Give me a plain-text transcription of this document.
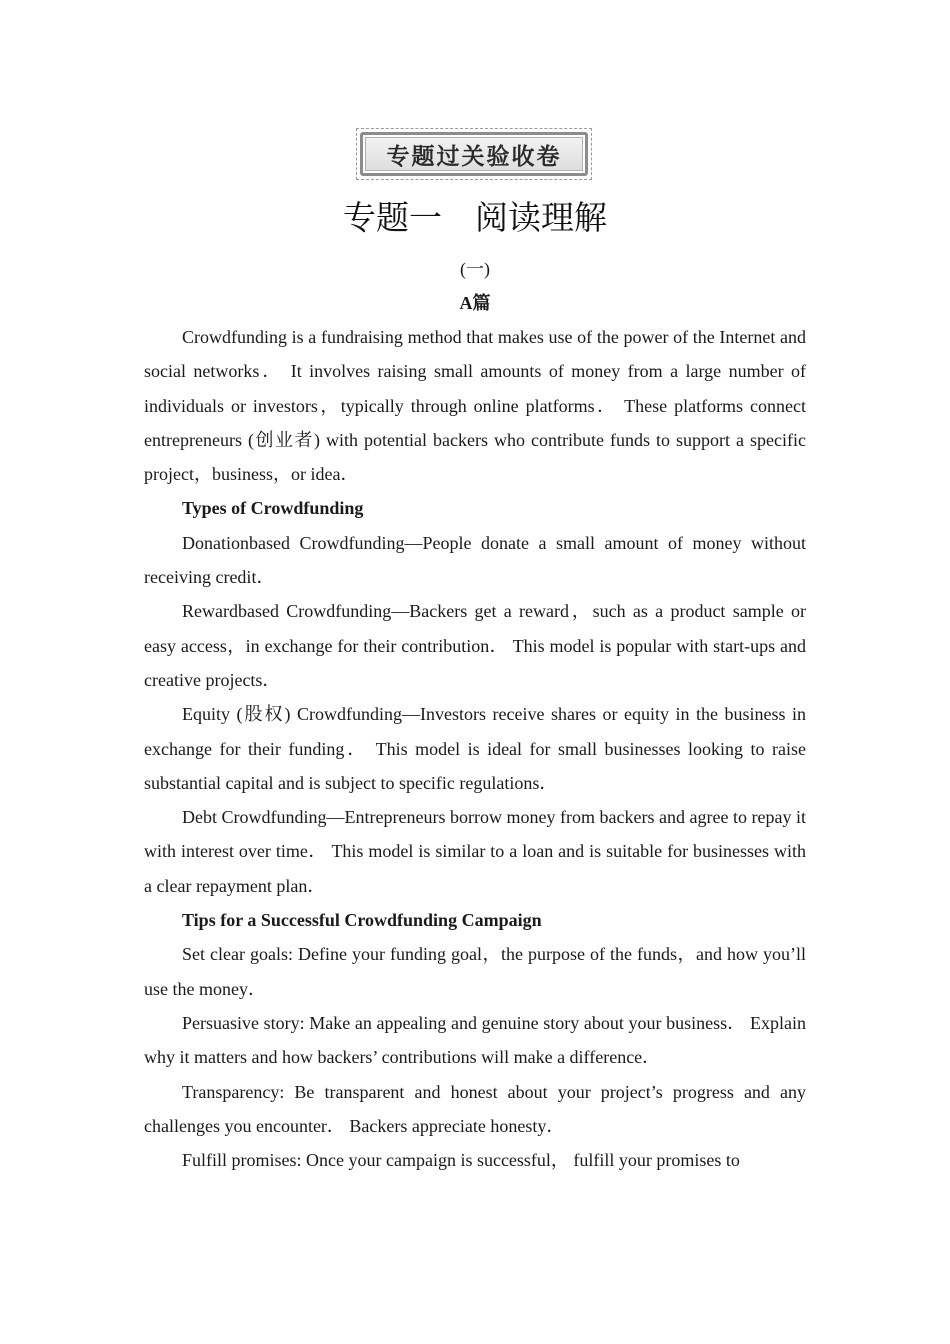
专题过关验收卷
专题一　阅读理解
(一)
A篇

Crowdfunding is a fundraising method that makes use of the power of the Internet and social networks． It involves raising small amounts of money from a large number of individuals or investors，typically through online platforms． These platforms connect entrepreneurs (创业者) with potential backers who contribute funds to support a specific project，business，or idea．

Types of Crowdfunding

Donationbased Crowdfunding—People donate a small amount of money without receiving credit．

Rewardbased Crowdfunding—Backers get a reward，such as a product sample or easy access，in exchange for their contribution． This model is popular with start-ups and creative projects．

Equity (股权) Crowdfunding—Investors receive shares or equity in the business in exchange for their funding． This model is ideal for small businesses looking to raise substantial capital and is subject to specific regulations．

Debt Crowdfunding—Entrepreneurs borrow money from backers and agree to repay it with interest over time． This model is similar to a loan and is suitable for businesses with a clear repayment plan．

Tips for a Successful Crowdfunding Campaign

Set clear goals: Define your funding goal，the purpose of the funds，and how you’ll use the money．

Persuasive story: Make an appealing and genuine story about your business． Explain why it matters and how backers’ contributions will make a difference．

Transparency: Be transparent and honest about your project’s progress and any challenges you encounter． Backers appreciate honesty．

Fulfill promises: Once your campaign is successful， fulfill your promises to
